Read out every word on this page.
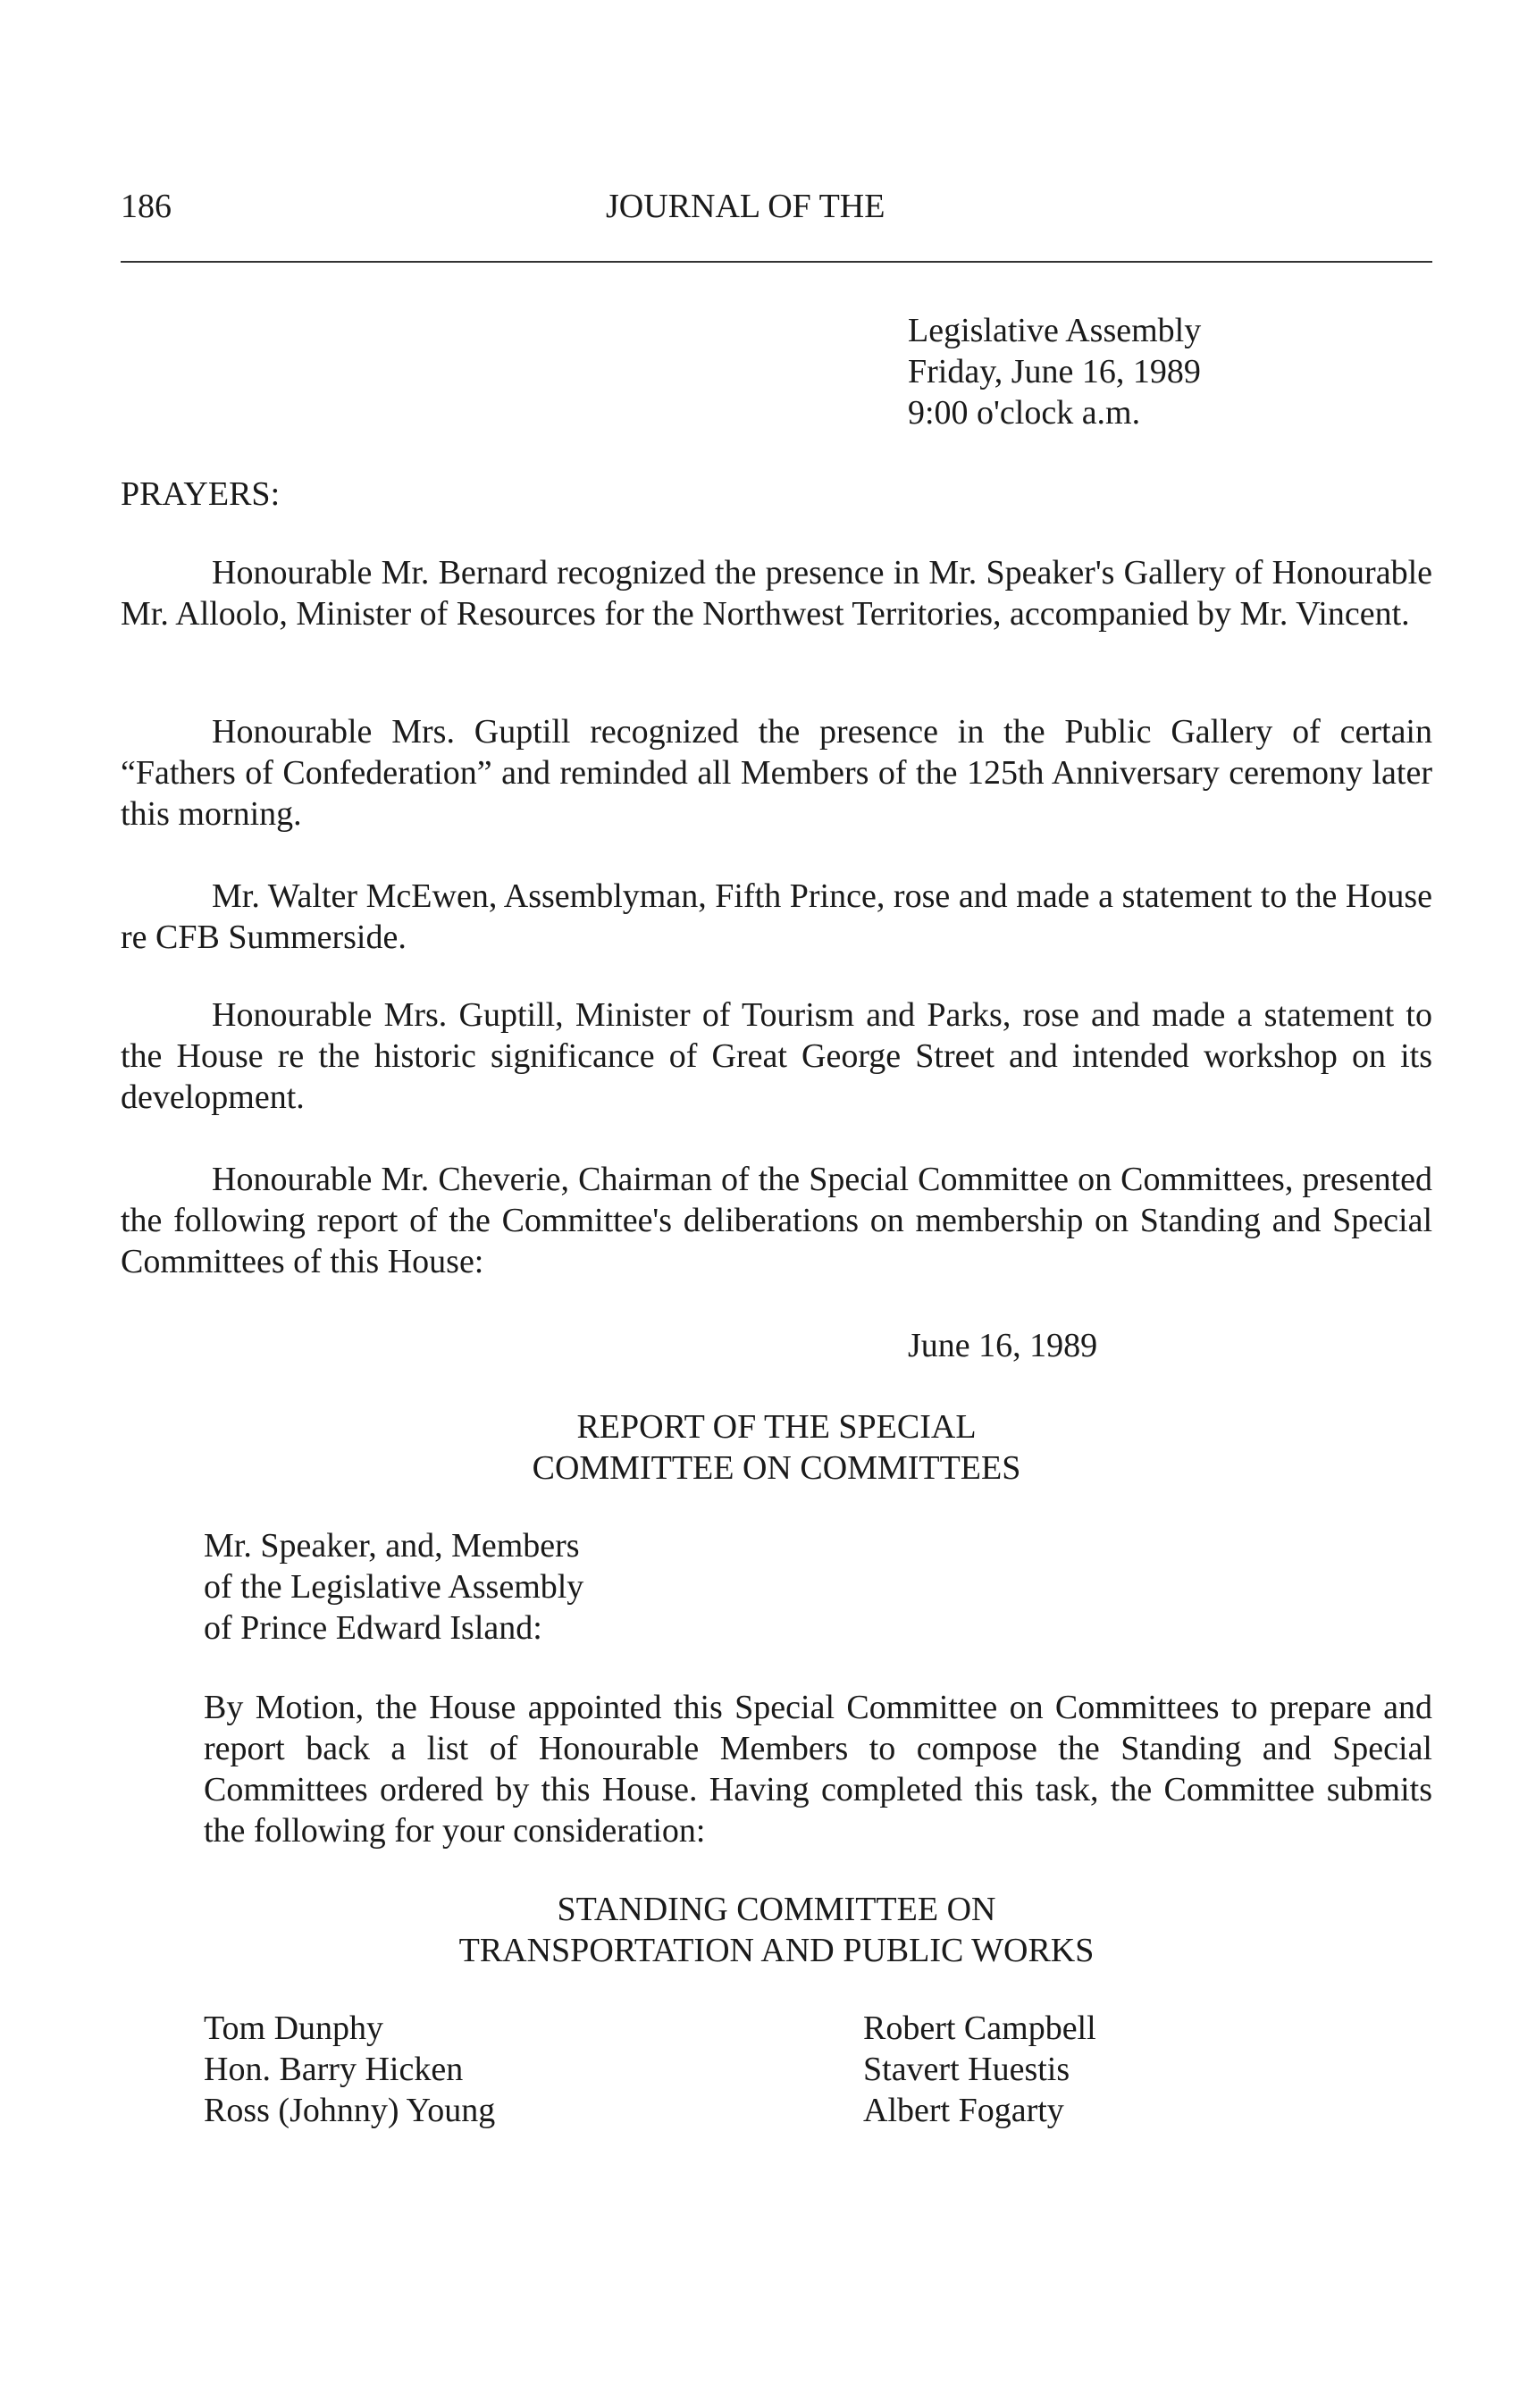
186	JOURNAL OF THE
Legislative Assembly
Friday, June 16, 1989
9:00 o'clock a.m.
PRAYERS:
Honourable Mr. Bernard recognized the presence in Mr. Speaker's Gallery of Honourable Mr. Alloolo, Minister of Resources for the Northwest Territories, accompanied by Mr. Vincent.
Honourable Mrs. Guptill recognized the presence in the Public Gallery of certain “Fathers of Confederation” and reminded all Members of the 125th Anniversary ceremony later this morning.
Mr. Walter McEwen, Assemblyman, Fifth Prince, rose and made a statement to the House re CFB Summerside.
Honourable Mrs. Guptill, Minister of Tourism and Parks, rose and made a statement to the House re the historic significance of Great George Street and intended workshop on its development.
Honourable Mr. Cheverie, Chairman of the Special Committee on Committees, presented the following report of the Committee's deliberations on membership on Standing and Special Committees of this House:
June 16, 1989
REPORT OF THE SPECIAL
COMMITTEE ON COMMITTEES
Mr. Speaker, and, Members
of the Legislative Assembly
of Prince Edward Island:
By Motion, the House appointed this Special Committee on Committees to prepare and report back a list of Honourable Members to compose the Standing and Special Committees ordered by this House. Having completed this task, the Committee submits the following for your consideration:
STANDING COMMITTEE ON
TRANSPORTATION AND PUBLIC WORKS
Tom Dunphy
Hon. Barry Hicken
Ross (Johnny) Young
Robert Campbell
Stavert Huestis
Albert Fogarty
